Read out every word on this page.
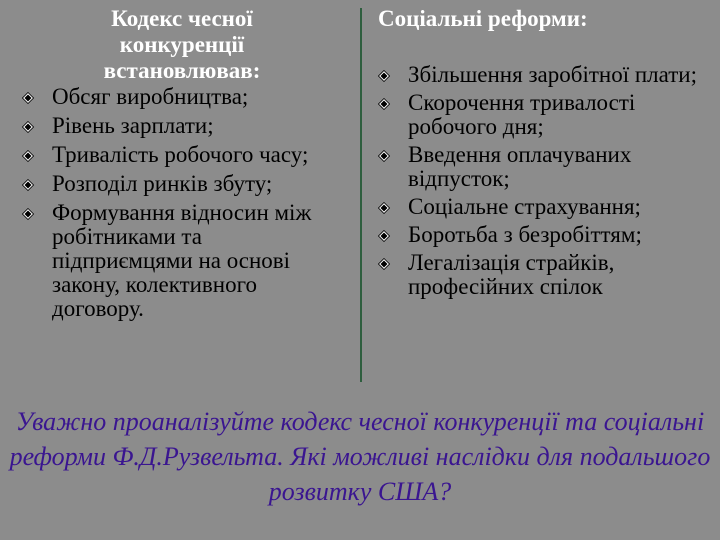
Кодекс чесної конкуренції встановлював:
Обсяг виробництва;
Рівень зарплати;
Тривалість робочого часу;
Розподіл ринків збуту;
Формування відносин між робітниками та підприємцями на основі закону, колективного договору.
Соціальні реформи:
Збільшення заробітної плати;
Скорочення тривалості робочого дня;
Введення оплачуваних відпусток;
Соціальне страхування;
Боротьба з безробіттям;
Легалізація страйків, професійних спілок
Уважно проаналізуйте кодекс чесної конкуренції та соціальні реформи Ф.Д.Рузвельта. Які можливі наслідки для подальшого розвитку США?
